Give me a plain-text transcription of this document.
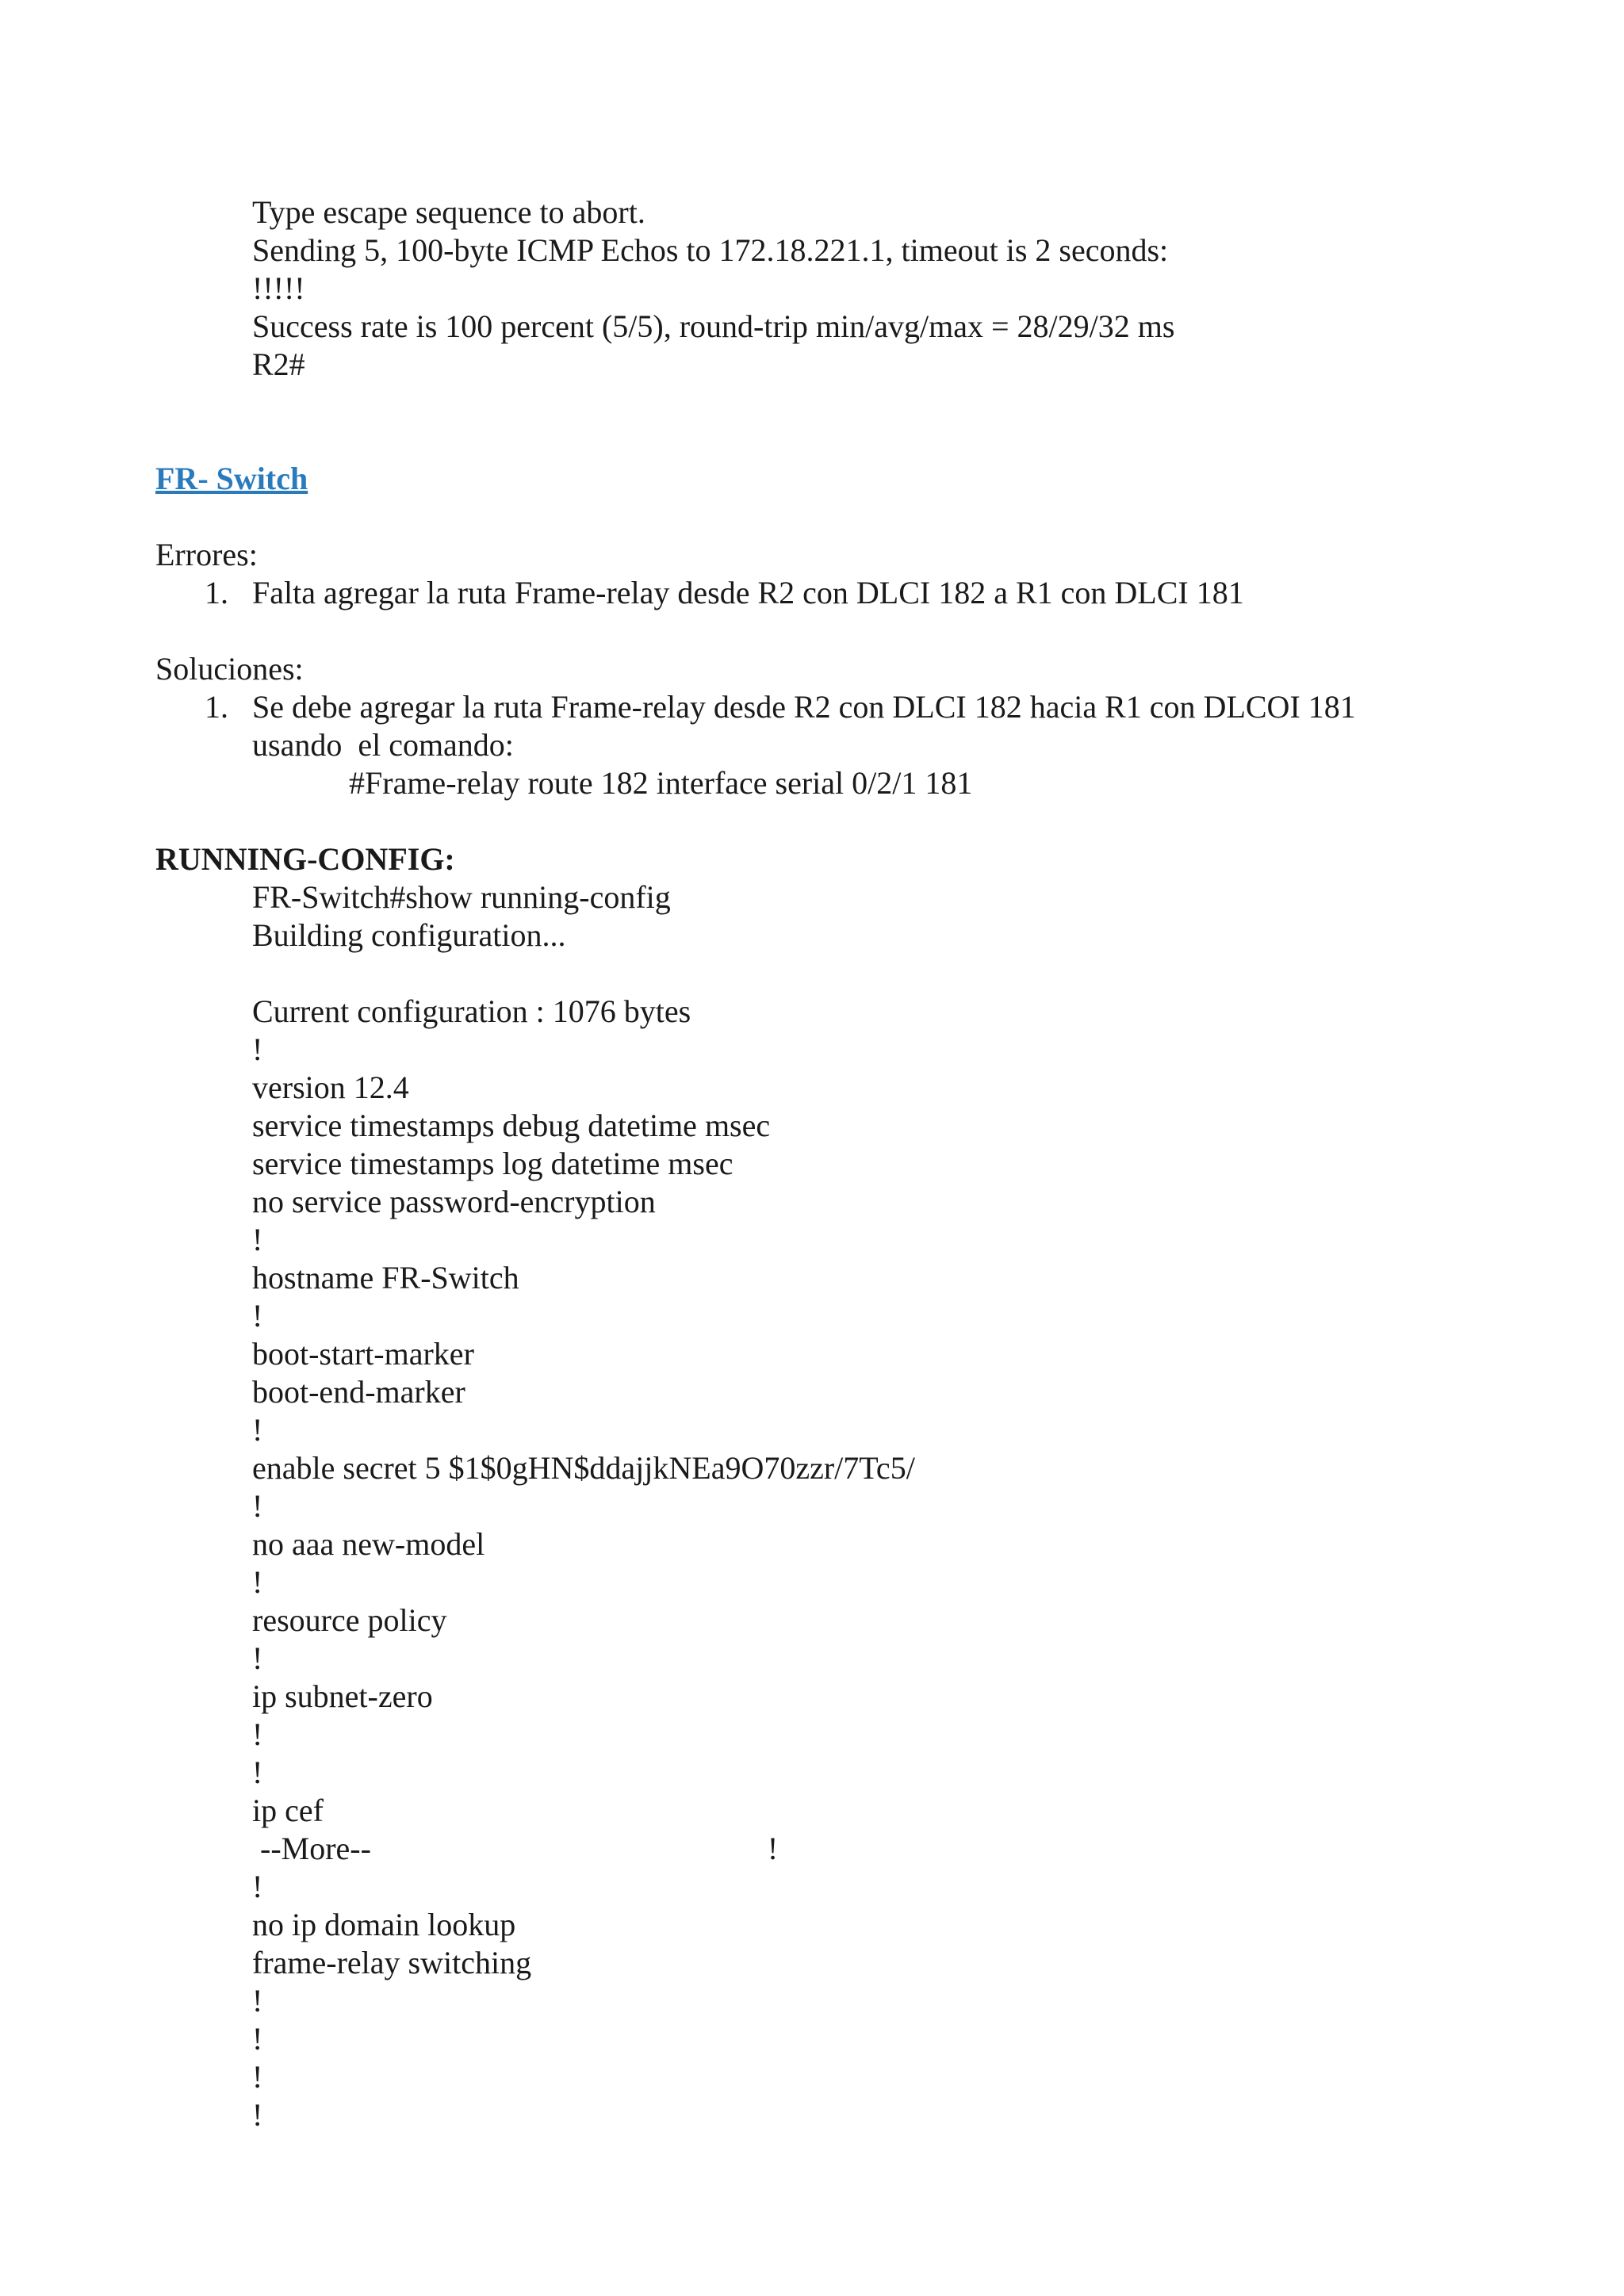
Type escape sequence to abort.
Sending 5, 100-byte ICMP Echos to 172.18.221.1, timeout is 2 seconds:
!!!!!
Success rate is 100 percent (5/5), round-trip min/avg/max = 28/29/32 ms
R2#
FR- Switch
Errores:
1. Falta agregar la ruta Frame-relay desde R2 con DLCI 182 a R1 con DLCI 181
Soluciones:
1. Se debe agregar la ruta Frame-relay desde R2 con DLCI 182 hacia R1 con DLCOI 181
usando  el comando:
#Frame-relay route 182 interface serial 0/2/1 181
RUNNING-CONFIG:
FR-Switch#show running-config
Building configuration...
Current configuration : 1076 bytes
!
version 12.4
service timestamps debug datetime msec
service timestamps log datetime msec
no service password-encryption
!
hostname FR-Switch
!
boot-start-marker
boot-end-marker
!
enable secret 5 $1$0gHN$ddajjkNEa9O70zzr/7Tc5/
!
no aaa new-model
!
resource policy
!
ip subnet-zero
!
!
ip cef
--More--                                                  !
!
no ip domain lookup
frame-relay switching
!
!
!
!
